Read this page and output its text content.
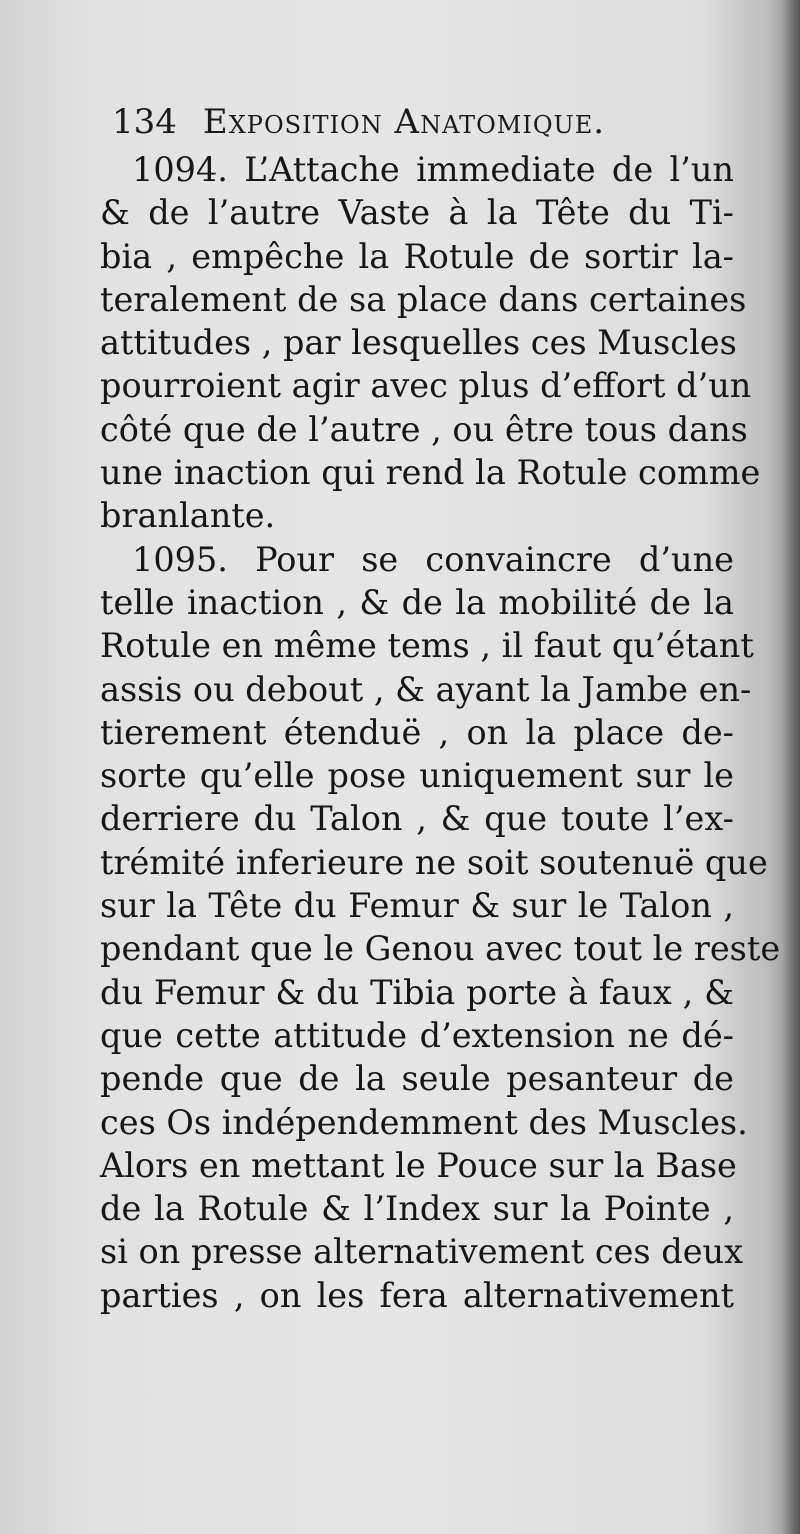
134 Exposition Anatomique.
1094. L’Attache immediate de l’un
& de l’autre Vaste à la Tête du Ti-
bia , empêche la Rotule de sortir la-
teralement de sa place dans certaines
attitudes , par lesquelles ces Muscles
pourroient agir avec plus d’effort d’un
côté que de l’autre , ou être tous dans
une inaction qui rend la Rotule comme
branlante.
1095. Pour se convaincre d’une
telle inaction , & de la mobilité de la
Rotule en même tems , il faut qu’étant
assis ou debout , & ayant la Jambe en-
tierement étenduë , on la place de-
sorte qu’elle pose uniquement sur le
derriere du Talon , & que toute l’ex-
trémité inferieure ne soit soutenuë que
sur la Tête du Femur & sur le Talon ,
pendant que le Genou avec tout le reste
du Femur & du Tibia porte à faux , &
que cette attitude d’extension ne dé-
pende que de la seule pesanteur de
ces Os indépendemment des Muscles.
Alors en mettant le Pouce sur la Base
de la Rotule & l’Index sur la Pointe ,
si on presse alternativement ces deux
parties , on les fera alternativement
